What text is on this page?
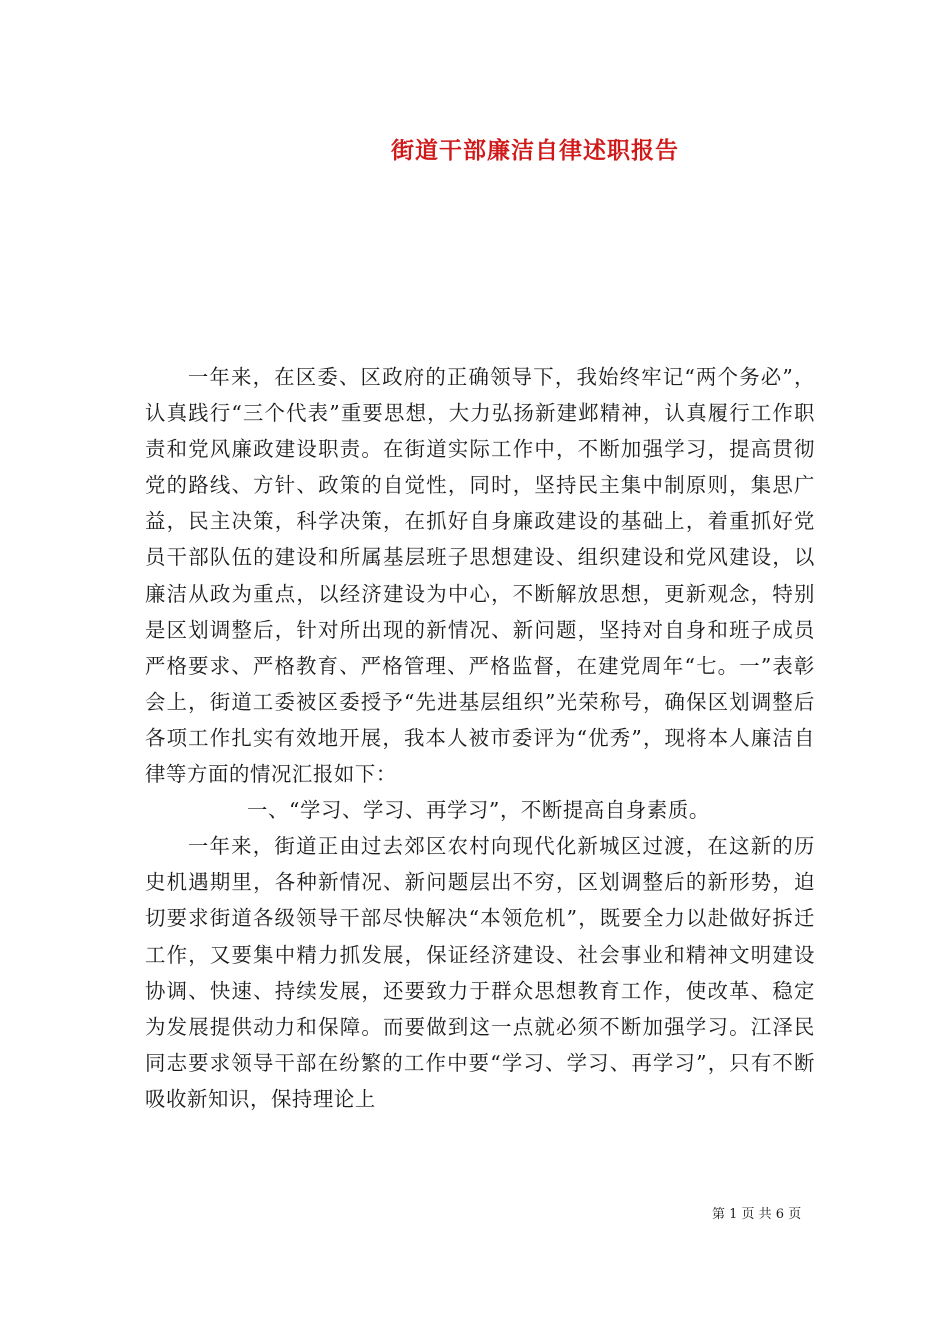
街道干部廉洁自律述职报告

一年来，在区委、区政府的正确领导下，我始终牢记“两个务必”，认真践行“三个代表”重要思想，大力弘扬新建邺精神，认真履行工作职责和党风廉政建设职责。在街道实际工作中，不断加强学习，提高贯彻党的路线、方针、政策的自觉性，同时，坚持民主集中制原则，集思广益，民主决策，科学决策，在抓好自身廉政建设的基础上，着重抓好党员干部队伍的建设和所属基层班子思想建设、组织建设和党风建设，以廉洁从政为重点，以经济建设为中心，不断解放思想，更新观念，特别是区划调整后，针对所出现的新情况、新问题，坚持对自身和班子成员严格要求、严格教育、严格管理、严格监督，在建党周年“七。一”表彰会上，街道工委被区委授予“先进基层组织”光荣称号，确保区划调整后各项工作扎实有效地开展，我本人被市委评为“优秀”，现将本人廉洁自律等方面的情况汇报如下：

一、“学习、学习、再学习”，不断提高自身素质。

一年来，街道正由过去郊区农村向现代化新城区过渡，在这新的历史机遇期里，各种新情况、新问题层出不穷，区划调整后的新形势，迫切要求街道各级领导干部尽快解决“本领危机”，既要全力以赴做好拆迁工作，又要集中精力抓发展，保证经济建设、社会事业和精神文明建设协调、快速、持续发展，还要致力于群众思想教育工作，使改革、稳定为发展提供动力和保障。而要做到这一点就必须不断加强学习。江泽民同志要求领导干部在纷繁的工作中要“学习、学习、再学习”，只有不断吸收新知识，保持理论上

第 1 页 共 6 页
